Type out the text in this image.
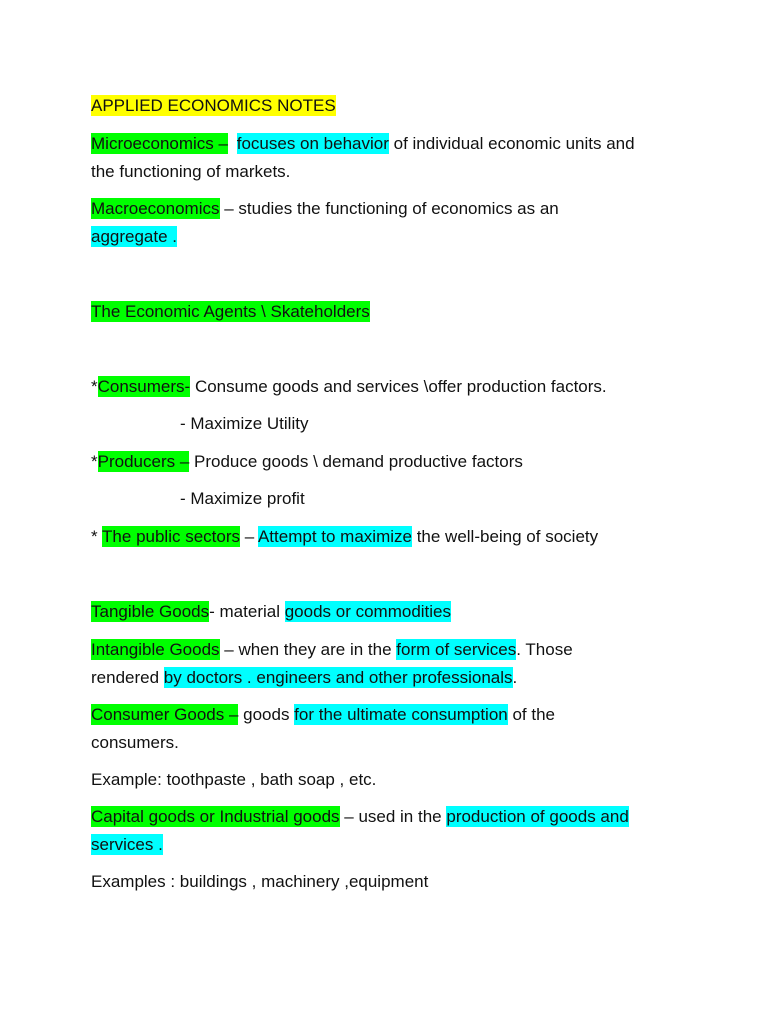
APPLIED ECONOMICS NOTES
Microeconomics – focuses on behavior of individual economic units and
the functioning of markets.
Macroeconomics – studies the functioning of economics as an
aggregate .
The Economic Agents \ Skateholders
*Consumers- Consume goods and services \offer production factors.
- Maximize Utility
*Producers – Produce goods \ demand productive factors
- Maximize profit
* The public sectors – Attempt to maximize the well-being of society
Tangible Goods- material goods or commodities
Intangible Goods – when they are in the form of services. Those
rendered by doctors . engineers and other professionals.
Consumer Goods – goods for the ultimate consumption of the
consumers.
Example: toothpaste , bath soap , etc.
Capital goods or Industrial goods – used in the production of goods and
services .
Examples : buildings , machinery ,equipment
